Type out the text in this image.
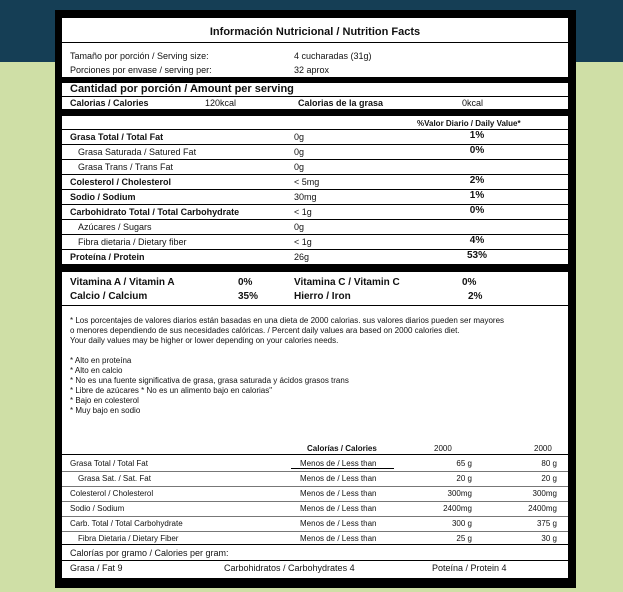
Información Nutricional / Nutrition Facts
Tamaño por porción / Serving size:	4 cucharadas (31g)
Porciones por envase / serving per:	32 aprox
Cantidad por porción / Amount per serving
Calorias / Calories	120kcal	Calorias de la grasa	0kcal
%Valor Diario / Daily Value*
Grasa Total / Total Fat	0g	1%
Grasa Saturada / Satured Fat	0g	0%
Grasa Trans / Trans Fat	0g
Colesterol / Cholesterol	< 5mg	2%
Sodio / Sodium	30mg	1%
Carbohidrato Total / Total Carbohydrate	< 1g	0%
Azúcares / Sugars	0g
Fibra dietaria / Dietary fiber	< 1g	4%
Proteína / Protein	26g	53%
Vitamina A / Vitamin A	0%	Vitamina C / Vitamin C	0%
Calcio / Calcium	35%	Hierro / Iron	2%
* Los porcentajes de valores diarios están basadas en una dieta de 2000 calorias. sus valores diarios pueden ser mayores
o menores dependiendo de sus necesidades calóricas. / Percent daily values ara based on 2000 calories diet.
Your daily values may be higher or lower depending on your calories needs.
* Alto en proteína
* Alto en calcio
* No es una fuente significativa de grasa, grasa saturada y ácidos grasos trans
* Libre de azúcares * No es un alimento bajo en calorias"
* Bajo en colesterol
* Muy bajo en sodio
Calorías / Calories	2000	2000
Grasa Total / Total Fat	Menos de / Less than	65 g	80 g
Grasa Sat. / Sat. Fat	Menos de / Less than	20 g	20 g
Colesterol / Cholesterol	Menos de / Less than	300mg	300mg
Sodio / Sodium	Menos de / Less than	2400mg	2400mg
Carb. Total / Total Carbohydrate	Menos de / Less than	300 g	375 g
Fibra Dietaria / Dietary Fiber	Menos de / Less than	25 g	30 g
Calorías por gramo / Calories per gram:
Grasa / Fat 9	Carbohidratos / Carbohydrates 4	Poteína / Protein 4
